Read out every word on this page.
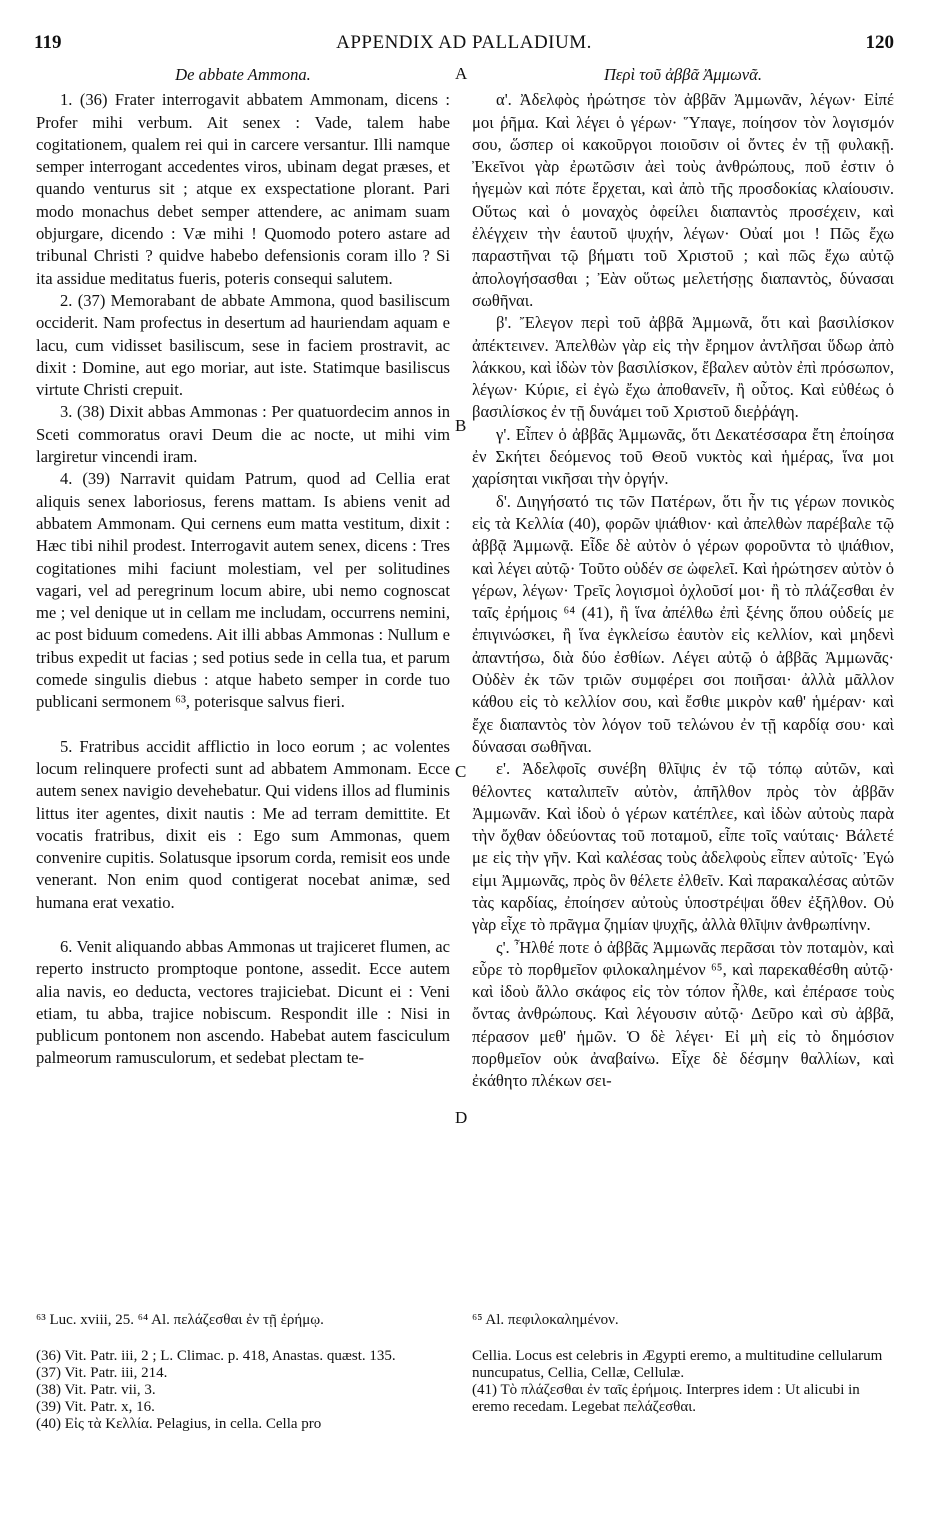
119	APPENDIX AD PALLADIUM.	120
A
B
C
D
De abbate Ammona.

1. (36) Frater interrogavit abbatem Ammonam, dicens : Profer mihi verbum. Ait senex : Vade, talem habe cogitationem, qualem rei qui in carcere versantur. Illi namque semper interrogant accedentes viros, ubinam degat præses, et quando venturus sit ; atque ex exspectatione plorant. Pari modo monachus debet semper attendere, ac animam suam objurgare, dicendo : Væ mihi ! Quomodo potero astare ad tribunal Christi ? quidve habebo defensionis coram illo ? Si ita assidue meditatus fueris, poteris consequi salutem.

2. (37) Memorabant de abbate Ammona, quod basiliscum occiderit. Nam profectus in desertum ad hauriendam aquam e lacu, cum vidisset basiliscum, sese in faciem prostravit, ac dixit : Domine, aut ego moriar, aut iste. Statimque basiliscus virtute Christi crepuit.

3. (38) Dixit abbas Ammonas : Per quatuordecim annos in Sceti commoratus oravi Deum die ac nocte, ut mihi vim largiretur vincendi iram.

4. (39) Narravit quidam Patrum, quod ad Cellia erat aliquis senex laboriosus, ferens mattam. Is abiens venit ad abbatem Ammonam. Qui cernens eum matta vestitum, dixit : Hæc tibi nihil prodest. Interrogavit autem senex, dicens : Tres cogitationes mihi faciunt molestiam, vel per solitudines vagari, vel ad peregrinum locum abire, ubi nemo cognoscat me ; vel denique ut in cellam me includam, occurrens nemini, ac post biduum comedens. Ait illi abbas Ammonas : Nullum e tribus expedit ut facias ; sed potius sede in cella tua, et parum comede singulis diebus : atque habeto semper in corde tuo publicani sermonem ⁶³, poterisque salvus fieri.

5. Fratribus accidit afflictio in loco eorum ; ac volentes locum relinquere profecti sunt ad abbatem Ammonam. Ecce autem senex navigio devehebatur. Qui videns illos ad fluminis littus iter agentes, dixit nautis : Me ad terram demittite. Et vocatis fratribus, dixit eis : Ego sum Ammonas, quem convenire cupitis. Solatusque ipsorum corda, remisit eos unde venerant. Non enim quod contigerat nocebat animæ, sed humana erat vexatio.

6. Venit aliquando abbas Ammonas ut trajiceret flumen, ac reperto instructo promptoque pontone, assedit. Ecce autem alia navis, eo deducta, vectores trajiciebat. Dicunt ei : Veni etiam, tu abba, trajice nobiscum. Respondit ille : Nisi in publicum pontonem non ascendo. Habebat autem fasciculum palmeorum ramusculorum, et sedebat plectam te-

Περὶ τοῦ ἀββᾶ Ἀμμωνᾶ.

α'. Ἀδελφὸς ἠρώτησε τὸν ἀββᾶν Ἀμμωνᾶν, λέγων· Εἰπέ μοι ῥῆμα. Καὶ λέγει ὁ γέρων· Ὕπαγε, ποίησον τὸν λογισμόν σου, ὥσπερ οἱ κακοῦργοι ποιοῦσιν οἱ ὄντες ἐν τῇ φυλακῇ. Ἐκεῖνοι γὰρ ἐρωτῶσιν ἀεὶ τοὺς ἀνθρώπους, ποῦ ἐστιν ὁ ἡγεμὼν καὶ πότε ἔρχεται, καὶ ἀπὸ τῆς προσδοκίας κλαίουσιν. Οὕτως καὶ ὁ μοναχὸς ὀφείλει διαπαντὸς προσέχειν, καὶ ἐλέγχειν τὴν ἑαυτοῦ ψυχήν, λέγων· Οὐαί μοι ! Πῶς ἔχω παραστῆναι τῷ βήματι τοῦ Χριστοῦ ; καὶ πῶς ἔχω αὐτῷ ἀπολογήσασθαι ; Ἐὰν οὕτως μελετήσῃς διαπαντὸς, δύνασαι σωθῆναι.

β'. Ἔλεγον περὶ τοῦ ἀββᾶ Ἀμμωνᾶ, ὅτι καὶ βασιλίσκον ἀπέκτεινεν. Ἀπελθὼν γὰρ εἰς τὴν ἔρημον ἀντλῆσαι ὕδωρ ἀπὸ λάκκου, καὶ ἰδὼν τὸν βασιλίσκον, ἔβαλεν αὐτὸν ἐπὶ πρόσωπον, λέγων· Κύριε, εἰ ἐγὼ ἔχω ἀποθανεῖν, ἢ οὗτος. Καὶ εὐθέως ὁ βασιλίσκος ἐν τῇ δυνάμει τοῦ Χριστοῦ διεῤῥάγη.

γ'. Εἶπεν ὁ ἀββᾶς Ἀμμωνᾶς, ὅτι Δεκατέσσαρα ἔτη ἐποίησα ἐν Σκήτει δεόμενος τοῦ Θεοῦ νυκτὸς καὶ ἡμέρας, ἵνα μοι χαρίσηται νικῆσαι τὴν ὀργήν.

δ'. Διηγήσατό τις τῶν Πατέρων, ὅτι ἦν τις γέρων πονικὸς εἰς τὰ Κελλία (40), φορῶν ψιάθιον· καὶ ἀπελθὼν παρέβαλε τῷ ἀββᾷ Ἀμμωνᾷ. Εἶδε δὲ αὐτὸν ὁ γέρων φοροῦντα τὸ ψιάθιον, καὶ λέγει αὐτῷ· Τοῦτο οὐδέν σε ὠφελεῖ. Καὶ ἠρώτησεν αὐτὸν ὁ γέρων, λέγων· Τρεῖς λογισμοὶ ὀχλοῦσί μοι· ἢ τὸ πλάζεσθαι ἐν ταῖς ἐρήμοις ⁶⁴ (41), ἢ ἵνα ἀπέλθω ἐπὶ ξένης ὅπου οὐδείς με ἐπιγινώσκει, ἢ ἵνα ἐγκλείσω ἑαυτὸν εἰς κελλίον, καὶ μηδενὶ ἀπαντήσω, διὰ δύο ἐσθίων. Λέγει αὐτῷ ὁ ἀββᾶς Ἀμμωνᾶς· Οὐδὲν ἐκ τῶν τριῶν συμφέρει σοι ποιῆσαι· ἀλλὰ μᾶλλον κάθου εἰς τὸ κελλίον σου, καὶ ἔσθιε μικρὸν καθ' ἡμέραν· καὶ ἔχε διαπαντὸς τὸν λόγον τοῦ τελώνου ἐν τῇ καρδίᾳ σου· καὶ δύνασαι σωθῆναι.

ε'. Ἀδελφοῖς συνέβη θλῖψις ἐν τῷ τόπῳ αὐτῶν, καὶ θέλοντες καταλιπεῖν αὐτὸν, ἀπῆλθον πρὸς τὸν ἀββᾶν Ἀμμωνᾶν. Καὶ ἰδοὺ ὁ γέρων κατέπλεε, καὶ ἰδὼν αὐτοὺς παρὰ τὴν ὄχθαν ὁδεύοντας τοῦ ποταμοῦ, εἶπε τοῖς ναύταις· Βάλετέ με εἰς τὴν γῆν. Καὶ καλέσας τοὺς ἀδελφοὺς εἶπεν αὐτοῖς· Ἐγώ εἰμι Ἀμμωνᾶς, πρὸς ὃν θέλετε ἐλθεῖν. Καὶ παρακαλέσας αὐτῶν τὰς καρδίας, ἐποίησεν αὐτοὺς ὑποστρέψαι ὅθεν ἐξῆλθον. Οὐ γὰρ εἶχε τὸ πρᾶγμα ζημίαν ψυχῆς, ἀλλὰ θλῖψιν ἀνθρωπίνην.

ς'. Ἦλθέ ποτε ὁ ἀββᾶς Ἀμμωνᾶς περᾶσαι τὸν ποταμὸν, καὶ εὗρε τὸ πορθμεῖον φιλοκαλημένον ⁶⁵, καὶ παρεκαθέσθη αὐτῷ· καὶ ἰδοὺ ἄλλο σκάφος εἰς τὸν τόπον ἦλθε, καὶ ἐπέρασε τοὺς ὄντας ἀνθρώπους. Καὶ λέγουσιν αὐτῷ· Δεῦρο καὶ σὺ ἀββᾶ, πέρασον μεθ' ἡμῶν. Ὁ δὲ λέγει· Εἰ μὴ εἰς τὸ δημόσιον πορθμεῖον οὐκ ἀναβαίνω. Εἶχε δὲ δέσμην θαλλίων, καὶ ἐκάθητο πλέκων σει-

⁶³ Luc. xviii, 25. ⁶⁴ Al. πελάζεσθαι ἐν τῇ ἐρήμῳ.	⁶⁵ Al. πεφιλοκαλημένον.
(36) Vit. Patr. iii, 2 ; L. Climac. p. 418, Anastas. quæst. 135.
(37) Vit. Patr. iii, 214.
(38) Vit. Patr. vii, 3.
(39) Vit. Patr. x, 16.
(40) Εἰς τὰ Κελλία. Pelagius, in cella. Cella pro
Cellia. Locus est celebris in Ægypti eremo, a multitudine cellularum nuncupatus, Cellia, Cellæ, Cellulæ.
(41) Τὸ πλάζεσθαι ἐν ταῖς ἐρήμοις. Interpres idem : Ut alicubi in eremo recedam. Legebat πελάζεσθαι.
